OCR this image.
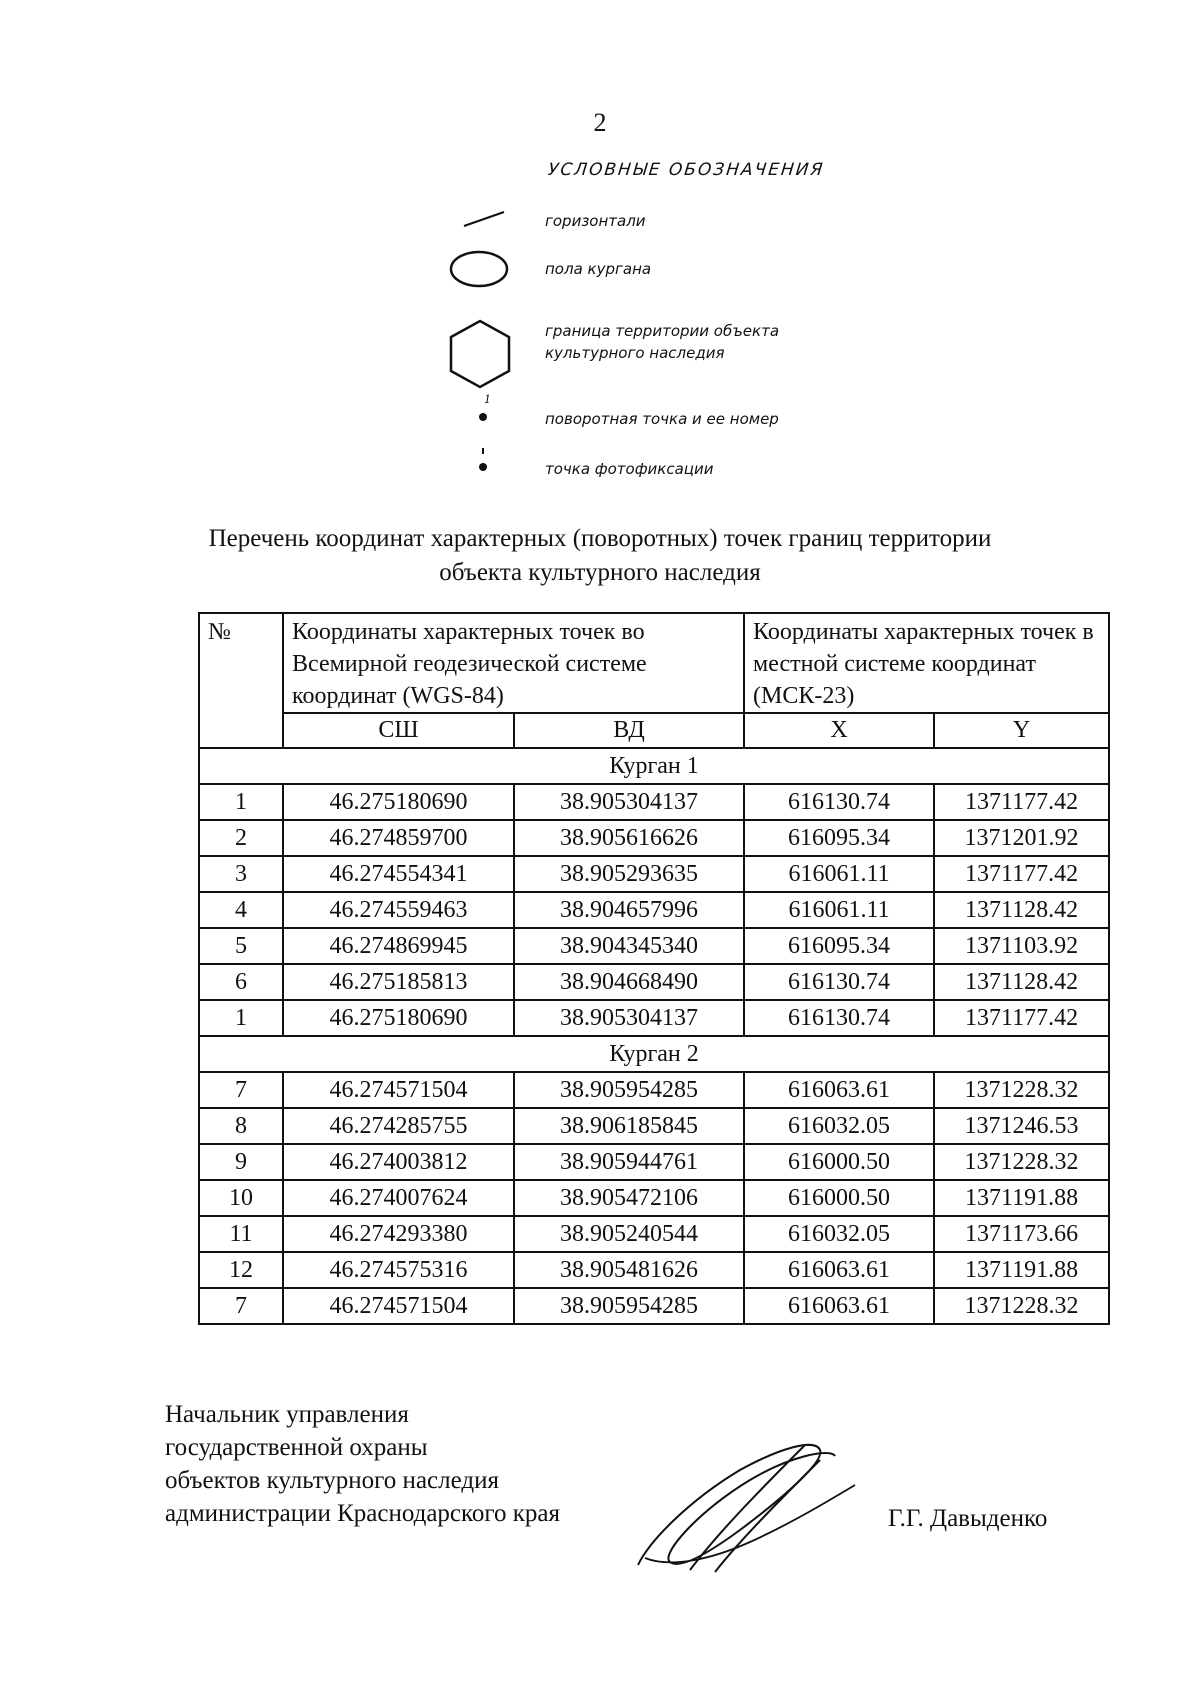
2
УСЛОВНЫЕ ОБОЗНАЧЕНИЯ
горизонтали
пола кургана
граница территории объекта культурного наследия
1
поворотная точка и ее номер
точка фотофиксации
Перечень координат характерных (поворотных) точек границ территории
объекта культурного наследия
№	Координаты характерных точек во Всемирной геодезической системе координат (WGS-84)		Координаты характерных точек в местной системе координат (МСК-23)	
	СШ	ВД	X	Y
Курган 1				
1	46.275180690	38.905304137	616130.74	1371177.42
2	46.274859700	38.905616626	616095.34	1371201.92
3	46.274554341	38.905293635	616061.11	1371177.42
4	46.274559463	38.904657996	616061.11	1371128.42
5	46.274869945	38.904345340	616095.34	1371103.92
6	46.275185813	38.904668490	616130.74	1371128.42
1	46.275180690	38.905304137	616130.74	1371177.42
Курган 2				
7	46.274571504	38.905954285	616063.61	1371228.32
8	46.274285755	38.906185845	616032.05	1371246.53
9	46.274003812	38.905944761	616000.50	1371228.32
10	46.274007624	38.905472106	616000.50	1371191.88
11	46.274293380	38.905240544	616032.05	1371173.66
12	46.274575316	38.905481626	616063.61	1371191.88
7	46.274571504	38.905954285	616063.61	1371228.32
Начальник управления
государственной охраны
объектов культурного наследия
администрации Краснодарского края	Г.Г. Давыденко
